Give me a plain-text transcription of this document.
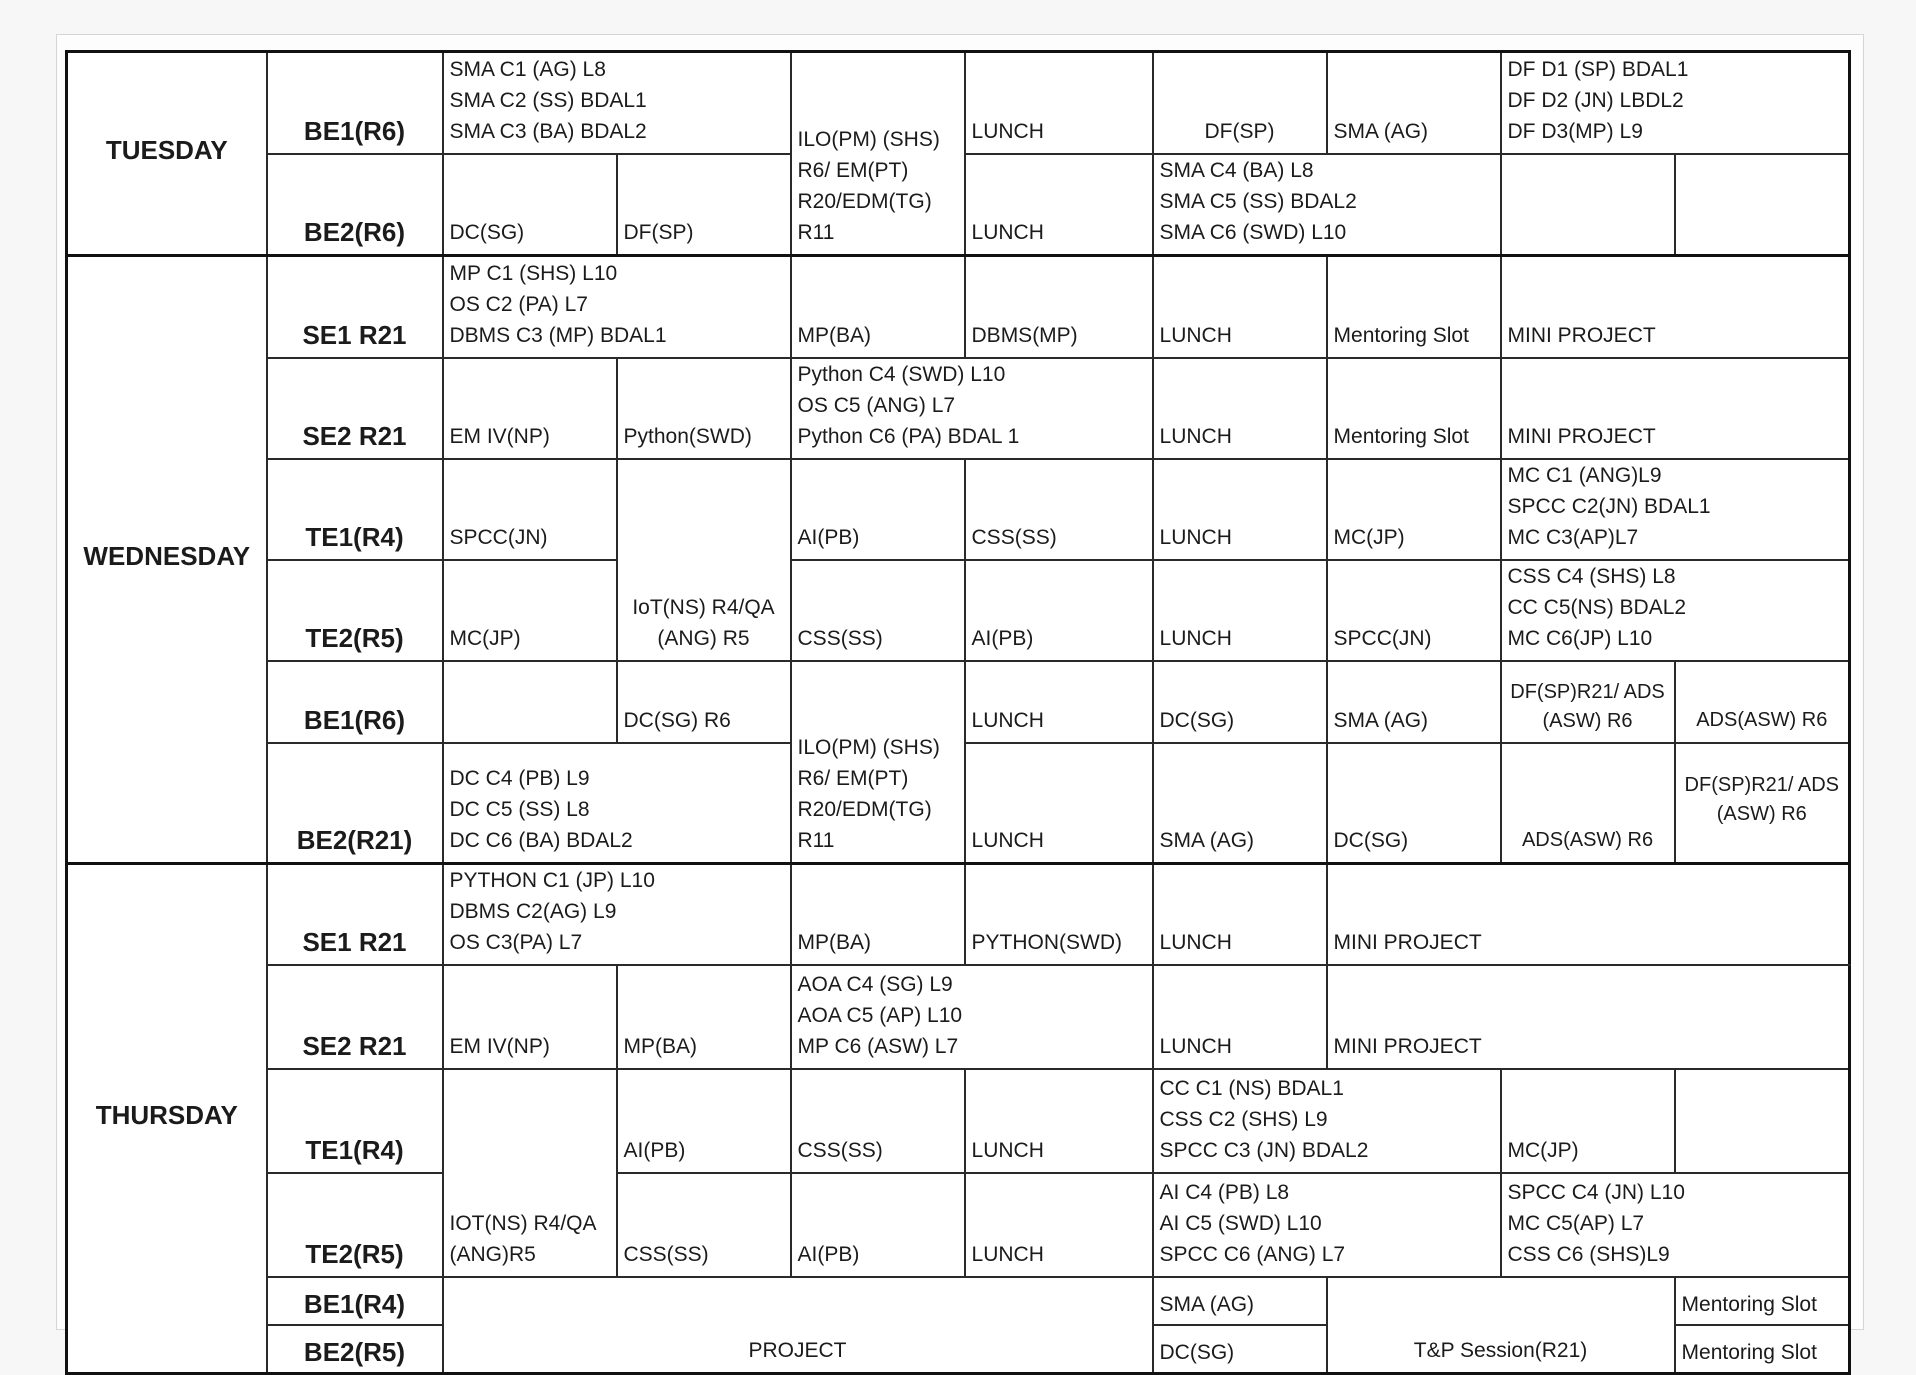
TUESDAY	BE1(R6)	SMA C1 (AG) L8
SMA C2 (SS) BDAL1
SMA C3 (BA) BDAL2		ILO(PM) (SHS)
R6/ EM(PT)
R20/EDM(TG)
R11	LUNCH	DF(SP)	SMA (AG)	DF D1 (SP) BDAL1
DF D2 (JN) LBDL2
DF D3(MP) L9		

	BE2(R6)	DC(SG)	DF(SP)		LUNCH	SMA C4 (BA) L8
SMA C5 (SS) BDAL2
SMA C6 (SWD) L10				

WEDNESDAY	SE1 R21	MP C1 (SHS) L10
OS C2 (PA) L7
DBMS C3 (MP) BDAL1		MP(BA)	DBMS(MP)	LUNCH	Mentoring Slot	MINI PROJECT		
	SE2 R21	EM IV(NP)	Python(SWD)	Python C4 (SWD) L10
OS C5 (ANG) L7
Python C6 (PA) BDAL 1		LUNCH	Mentoring Slot	MINI PROJECT		
	TE1(R4)	SPCC(JN)	IoT(NS) R4/QA
(ANG) R5	AI(PB)	CSS(SS)	LUNCH	MC(JP)	MC C1 (ANG)L9
SPCC C2(JN) BDAL1
MC C3(AP)L7		

	TE2(R5)	MC(JP)		CSS(SS)	AI(PB)	LUNCH	SPCC(JN)	CSS C4 (SHS) L8
CC C5(NS) BDAL2
MC C6(JP) L10		

	BE1(R6)		DC(SG) R6	ILO(PM) (SHS)
R6/ EM(PT)
R20/EDM(TG)
R11	LUNCH	DC(SG)	SMA (AG)	DF(SP)R21/ ADS
(ASW) R6	ADS(ASW) R6	
	BE2(R21)	DC C4 (PB) L9
DC C5 (SS) L8
DC C6 (BA) BDAL2			LUNCH	SMA (AG)	DC(SG)	ADS(ASW) R6	DF(SP)R21/ ADS
(ASW) R6	

THURSDAY	SE1 R21	PYTHON C1 (JP) L10
DBMS C2(AG) L9
OS C3(PA) L7		MP(BA)	PYTHON(SWD)	LUNCH	MINI PROJECT			
	SE2 R21	EM IV(NP)	MP(BA)	AOA C4 (SG) L9
AOA C5 (AP) L10
MP C6 (ASW) L7		LUNCH	MINI PROJECT			
	TE1(R4)	IOT(NS) R4/QA
(ANG)R5	AI(PB)	CSS(SS)	LUNCH	CC C1 (NS) BDAL1
CSS C2 (SHS) L9
SPCC C3 (JN) BDAL2		MC(JP)		
	TE2(R5)		CSS(SS)	AI(PB)	LUNCH	AI C4 (PB) L8
AI C5 (SWD) L10
SPCC C6 (ANG) L7		SPCC C4 (JN) L10
MC C5(AP) L7
CSS C6 (SHS)L9		

	BE1(R4)	PROJECT				SMA (AG)	T&P Session(R21)		Mentoring Slot	
	BE2(R5)					DC(SG)			Mentoring Slot	
